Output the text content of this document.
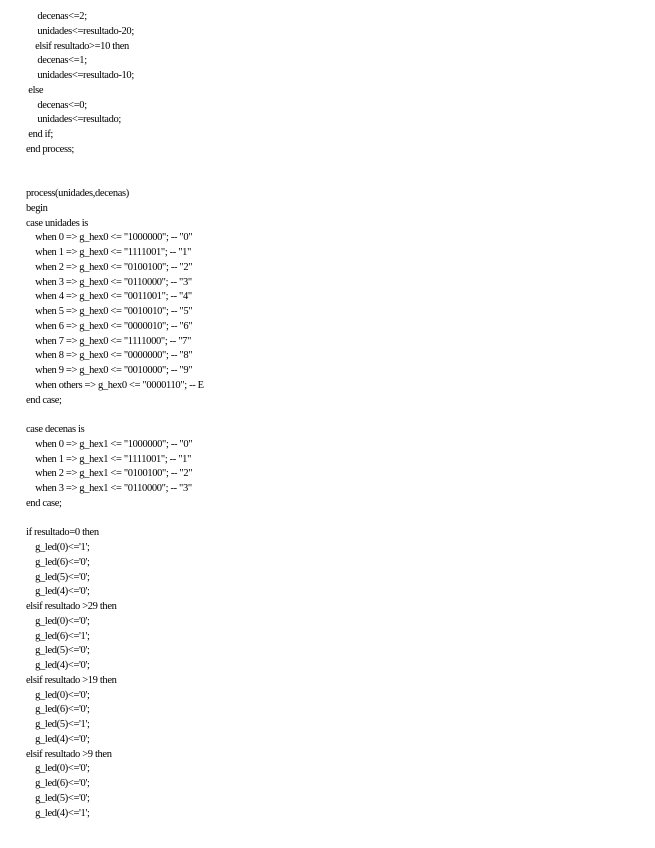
decenas<=2;
unidades<=resultado-20;
elsif resultado>=10 then
decenas<=1;
unidades<=resultado-10;
else
decenas<=0;
unidades<=resultado;
end if;
end process;
process(unidades,decenas)
begin
case unidades is
when 0 => g_hex0 <= "1000000"; -- "0"
when 1 => g_hex0 <= "1111001"; -- "1"
when 2 => g_hex0 <= "0100100"; -- "2"
when 3 => g_hex0 <= "0110000"; -- "3"
when 4 => g_hex0 <= "0011001"; -- "4"
when 5 => g_hex0 <= "0010010"; -- "5"
when 6 => g_hex0 <= "0000010"; -- "6"
when 7 => g_hex0 <= "1111000"; -- "7"
when 8 => g_hex0 <= "0000000"; -- "8"
when 9 => g_hex0 <= "0010000"; -- "9"
when others => g_hex0 <= "0000110"; -- E
end case;
case decenas is
when 0 => g_hex1 <= "1000000"; -- "0"
when 1 => g_hex1 <= "1111001"; -- "1"
when 2 => g_hex1 <= "0100100"; -- "2"
when 3 => g_hex1 <= "0110000"; -- "3"
end case;
if resultado=0 then
g_led(0)<='1';
g_led(6)<='0';
g_led(5)<='0';
g_led(4)<='0';
elsif resultado >29 then
g_led(0)<='0';
g_led(6)<='1';
g_led(5)<='0';
g_led(4)<='0';
elsif resultado >19 then
g_led(0)<='0';
g_led(6)<='0';
g_led(5)<='1';
g_led(4)<='0';
elsif resultado >9 then
g_led(0)<='0';
g_led(6)<='0';
g_led(5)<='0';
g_led(4)<='1';
